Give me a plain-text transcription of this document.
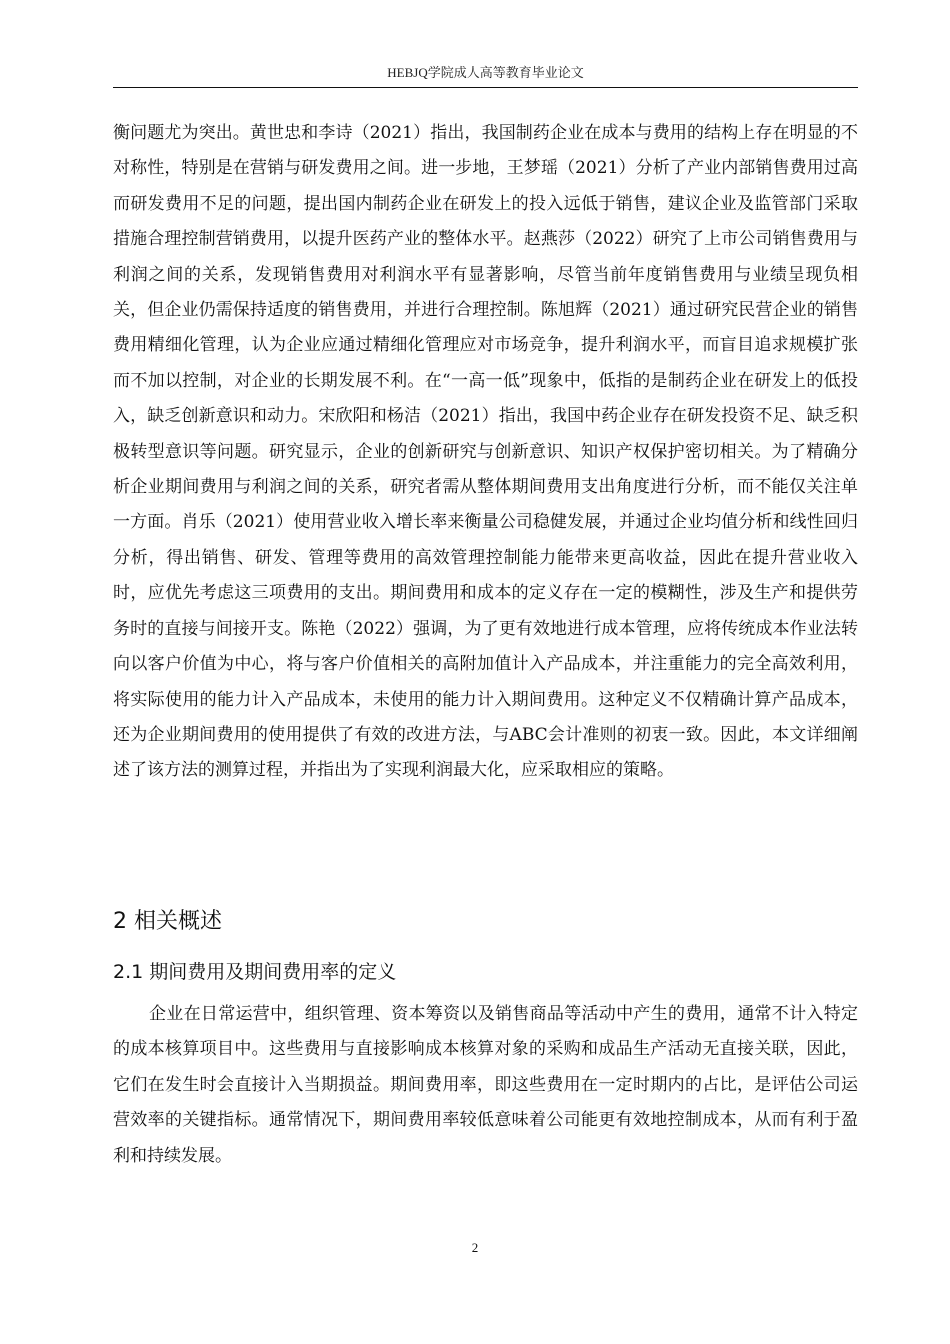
HEBJQ学院成人高等教育毕业论文

衡问题尤为突出。黄世忠和李诗（2021）指出，我国制药企业在成本与费用的结构上存在明显的不对称性，特别是在营销与研发费用之间。进一步地，王梦瑶（2021）分析了产业内部销售费用过高而研发费用不足的问题，提出国内制药企业在研发上的投入远低于销售，建议企业及监管部门采取措施合理控制营销费用，以提升医药产业的整体水平。赵燕莎（2022）研究了上市公司销售费用与利润之间的关系，发现销售费用对利润水平有显著影响，尽管当前年度销售费用与业绩呈现负相关，但企业仍需保持适度的销售费用，并进行合理控制。陈旭辉（2021）通过研究民营企业的销售费用精细化管理，认为企业应通过精细化管理应对市场竞争，提升利润水平，而盲目追求规模扩张而不加以控制，对企业的长期发展不利。在“一高一低”现象中，低指的是制药企业在研发上的低投入，缺乏创新意识和动力。宋欣阳和杨洁（2021）指出，我国中药企业存在研发投资不足、缺乏积极转型意识等问题。研究显示，企业的创新研究与创新意识、知识产权保护密切相关。为了精确分析企业期间费用与利润之间的关系，研究者需从整体期间费用支出角度进行分析，而不能仅关注单一方面。肖乐（2021）使用营业收入增长率来衡量公司稳健发展，并通过企业均值分析和线性回归分析，得出销售、研发、管理等费用的高效管理控制能力能带来更高收益，因此在提升营业收入时，应优先考虑这三项费用的支出。期间费用和成本的定义存在一定的模糊性，涉及生产和提供劳务时的直接与间接开支。陈艳（2022）强调，为了更有效地进行成本管理，应将传统成本作业法转向以客户价值为中心，将与客户价值相关的高附加值计入产品成本，并注重能力的完全高效利用，将实际使用的能力计入产品成本，未使用的能力计入期间费用。这种定义不仅精确计算产品成本，还为企业期间费用的使用提供了有效的改进方法，与ABC会计准则的初衷一致。因此，本文详细阐述了该方法的测算过程，并指出为了实现利润最大化，应采取相应的策略。

2 相关概述
2.1 期间费用及期间费用率的定义

企业在日常运营中，组织管理、资本筹资以及销售商品等活动中产生的费用，通常不计入特定的成本核算项目中。这些费用与直接影响成本核算对象的采购和成品生产活动无直接关联，因此，它们在发生时会直接计入当期损益。期间费用率，即这些费用在一定时期内的占比，是评估公司运营效率的关键指标。通常情况下，期间费用率较低意味着公司能更有效地控制成本，从而有利于盈利和持续发展。

2
